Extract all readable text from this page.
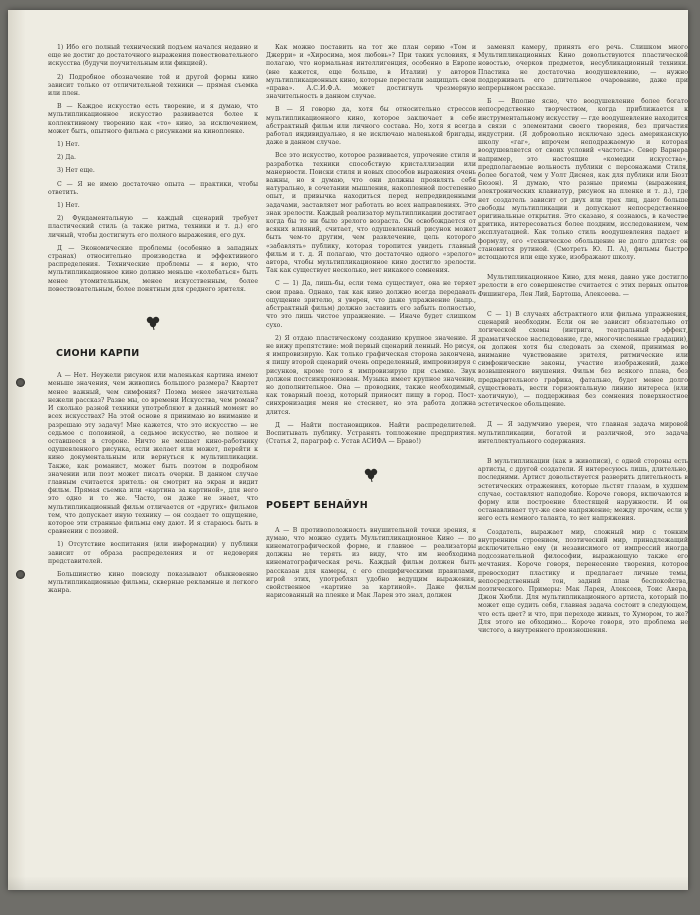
1) Ибо его полный технический подъем начался недавно и еще не достиг до достаточного выражения повествовательного искусства (будучи поучительным или фикцией).

2) Подробное обозначение той и другой формы кино зависит только от отличительной техники — прямая съемка или плен.

В — Каждое искусство есть творение, и я думаю, что мультипликационное искусство развивается более к коллективному творению как «то» кино, за исключением, может быть, опытного фильма с рисунками на кинопленке.

1) Нет.

2) Да.

3) Нет еще.

С — Я не имею достаточно опыта — практики, чтобы ответить.

1) Нет.

2) Фундаментальную — каждый сценарий требует пластический стиль (а также ритма, техники и т. д.) его личный, чтобы достигнуть его полного выражения, его дух.

Д — Экономические проблемы (особенно в западных странах) относительно производства и эффективного распределения. Технические проблемы — я верю, что мультипликационное кино должно меньше «колебаться» быть менее утомительным, менее искусственным, более повествовательным, более понятным для среднего зрителя.

СИОНИ КАРПИ

А — Нет. Неужели рисунок или маленькая картина имеют меньше значения, чем живопись большого размера? Квартет менее важный, чем симфония? Поэма менее значительна нежели рассказ? Разве мы, со времени Искусства, чем роман? И сколько разной техники употребляют в данный момент во всех искусствах? На этой основе я принимаю во внимание и разрешаю эту задачу! Мне кажется, что это искусство — не седьмое с половиной, а седьмое искусство, не полное и оставшееся в стороне. Ничто не мешает кино-работнику одушевленного рисунка, если желает или может, перейти к кино документальным или вернуться к мультипликации. Также, как романист, может быть поэтом в подробном значении или поэт может писать очерки. В данном случае главным считается зритель: он смотрит на экран и видит фильм. Прямая съемка или «картина за картиной», для него это одно и то же. Часто, он даже не знает, что мультипликационный фильм отличается от «других» фильмов тем, что допускает иную технику — он создает то ощущение, которое эти странные фильмы ему дают. И я стараюсь быть в сравнении с поэзией.

1) Отсутствие воспитания (или информации) у публики зависит от образа распределения и от недоверия представителей.

Большинство кино повсюду показывают обыкновенно мультипликационные фильмы, скверные рекламные и легкого жанра.

Как можно поставить на тот же план серию «Том и Джерри» и «Хиросима, моя любовь»? При таких условиях, я полагаю, что нормальная интеллигенция, особенно в Европе (вне кажется, еще больше, в Италии) у авторов мультипликационных кино, которые перестали защищать свои «права». А.С.И.Ф.А. может достигнуть чрезмерную значительность в данном случае.

В — Я говорю да, хотя бы относительно стрессов мультипликационного кино, которое заключает в себе абстрактный фильм или личного состава. Но, хотя я всегда работал индивидуально, я не исключаю маленькой бригады, даже в данном случае.

Все это искусство, которое развивается, упрочение стиля и разработка техники способствую кристаллизации или манерности. Поиски стиля и новых способов выражения очень важны, но я думаю, что они должны проявлять себя натурально, в сочетании мышления, накопленной постепенно опыт, и привычка находиться перед непредвиденными задачами, заставляет мог работать во всех направлениях. Это знак зрелости. Каждый реализатор мультипликации достигает когда бы то ни было зрелого возраста. Он освобождается от всяких влияний, считает, что одушевленный рисунок может быть чем-то другим, чем развлечение, цель которого «забавлять» публику, которая торопится увидеть главный фильм и т. д. Я полагаю, что достаточно одного «зрелого» автора, чтобы мультипликационное кино достигло зрелости. Так как существует несколько, нет никакого сомнения.

С — 1) Да, лишь-бы, если тема существует, она не теряет свои права. Однако, так как кино должно всегда передавать ощущение зрителю, я уверен, что даже упражнение (напр., абстрактный фильм) должно заставить его забыть полностью, что это лишь чистое упражнение. — Иначе будет слишком сухо.

2) Я отдаю пластическому созданию крупное значение. Я не вижу препятствие: мой первый сценарий ленный. Но рисуя, я импровизирую. Как только графическая сторона закончена, я пишу второй сценарий очень определенный, импровизируя с рисунков, кроме того я импровизирую при съемке. Звук должен постсинхронизован. Музыка имеет крупное значение, но дополнительное. Она — проводник, также необходимый, как товарный поезд, который приносит пищу в город. Пост-синхронизация меня не стесняет, но эта работа должна длится.

Д — Найти постановщиков. Найти распределителей. Воспитывать публику. Устранять топложение предприятия. (Статья 2, параграф с. Устав АСИФА — Браво!)

РОБЕРТ БЕНАЙУН

А — В противоположность внушительной точки зрения, я думаю, что можно судить Мультипликационное Кино — по кинематографической форме, и главное — реализаторы должны не терять из виду, что им необходима кинематографическая речь. Каждый фильм должен быть рассказан для камеры, с его специфическими правилами, игрой этих, употреблял удобно ведущим выражения, свойственное «картине за картиной». Даже фильм нарисованный на пленке и Мак Ларен это знал, должен

заменял камеру, принять его речь. Слишком много Мультипликационных Кино довольствуются пластической новостью, очерков предметов, несубликационный техники. Пластика не достаточна воодушевлению, — нужно поддерживать его длительное очарование, даже при непрерывном рассказе.

Б — Вполне ясно, что воодушевление более богато непосредственно творчеством, когда приближается к инструментальному искусству — где воодушевление находится в связи с элементами своего творения, без причастия индустрии. (Я добровольно исключаю здесь американскую школу «гаг», впрочем неподражаемую и которая воодушевляется от своих условий «частоты». Север Варнера например, это настоящие «комедии искусства», предполагаемые вольность публики с персонажами Стиля, более богатой, чем у Уолт Диснея, как для публики или Бюзт Бюзон). Я думаю, что разные приемы (выражения, электронических клавиатур, рисунок на пленке и т. д.), где нет создатель зависит от двух или трех лиц, дают больше свободы мультипликации и допускают непосредственное оригинальные открытия. Это сказано, я сознаюсь, в качестве критика, интересоваться более поздним, исследованием, чем эксплуатацией. Как только стиль воодушевления падает в формулу, его «техническое обольщение не долго длится: он становится рутиной. (Смотреть Ю. П. А), фильмы быстро истощаются или еще хуже, изображают школу.

Мультипликационное Кино, для меня, давно уже достигло зрелости в его совершенстве считается с этих первых опытов Фишингера, Лен Лий, Бартоша, Алексеева. —

С — 1) В случаях абстрактного или фильма упражнения, сценарий необходим. Если он не зависит обязательно от логической схемы (интрига, театральный эффект, драматическое наследование, где, многочисленные градации), он должен хотя бы следовать за схемой, принимая во внимание чувствование зрителя, ритмические или симфонические законы, участие изображений, даже возвышенного внушения. Фильм без всякого плана, без предварительного графика, фатально, будет менее долго существовать, вести горизонтальную линию интереса (или хаотичную), — поддерживая без сомнения поверхностное эстетическое обольщение.

Д — Я задумчиво уверен, что главная задача мировой мультипликации, богатой и различной, это задача интеллектуального содержания.

В мультипликации (как в живописи), с одной стороны есть артисты, с другой создатели. Я интересуюсь лишь, длительно, последними. Артист довольствуется разверить длительность в эстетических отражениях, которые льстят глазам, в худшем случае, составляют наподобие. Короче говоря, включаются в форму или построение блестящей наружности. И он останавливает тут-же свое напряжение; между прочим, если у него есть немного таланта, то нет напряжения.

Создатель, выражает мир, сложный мир с тонким внутренним строением, поэтический мир, принадлежащий исключительно ему (и независимого от импрессий иногда подсознательной философии, выражающую также его мечтания. Короче говоря, перенесение творения, которое превосходит пластику и предлагает личные темы, непосредственный тон, задний план беспокойства, поэтического. Примеры: Мак Ларен, Алексеев, Тоис Авера, Джон Хюбли. Для мультипликационного артиста, который по может еще судить себя, главная задача состоит в следующем, что есть цвет? и что, при переходе живых, то Хумором, то же? Для этого не обходимо... Короче говоря, это проблема не чистого, а внутреннего произношения.
